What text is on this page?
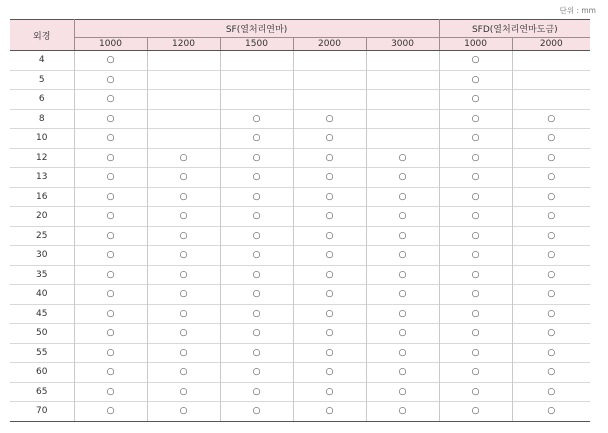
단위 : mm
외경	SF(열처리연마)					SFD(열처리연마도금)	
	1000	1200	1500	2000	3000	1000	2000
4	○					○	
5	○					○	
6	○					○	
8	○		○	○		○	○
10	○		○	○		○	○
12	○	○	○	○	○	○	○
13	○	○	○	○	○	○	○
16	○	○	○	○	○	○	○
20	○	○	○	○	○	○	○
25	○	○	○	○	○	○	○
30	○	○	○	○	○	○	○
35	○	○	○	○	○	○	○
40	○	○	○	○	○	○	○
45	○	○	○	○	○	○	○
50	○	○	○	○	○	○	○
55	○	○	○	○	○	○	○
60	○	○	○	○	○	○	○
65	○	○	○	○	○	○	○
70	○	○	○	○	○	○	○
